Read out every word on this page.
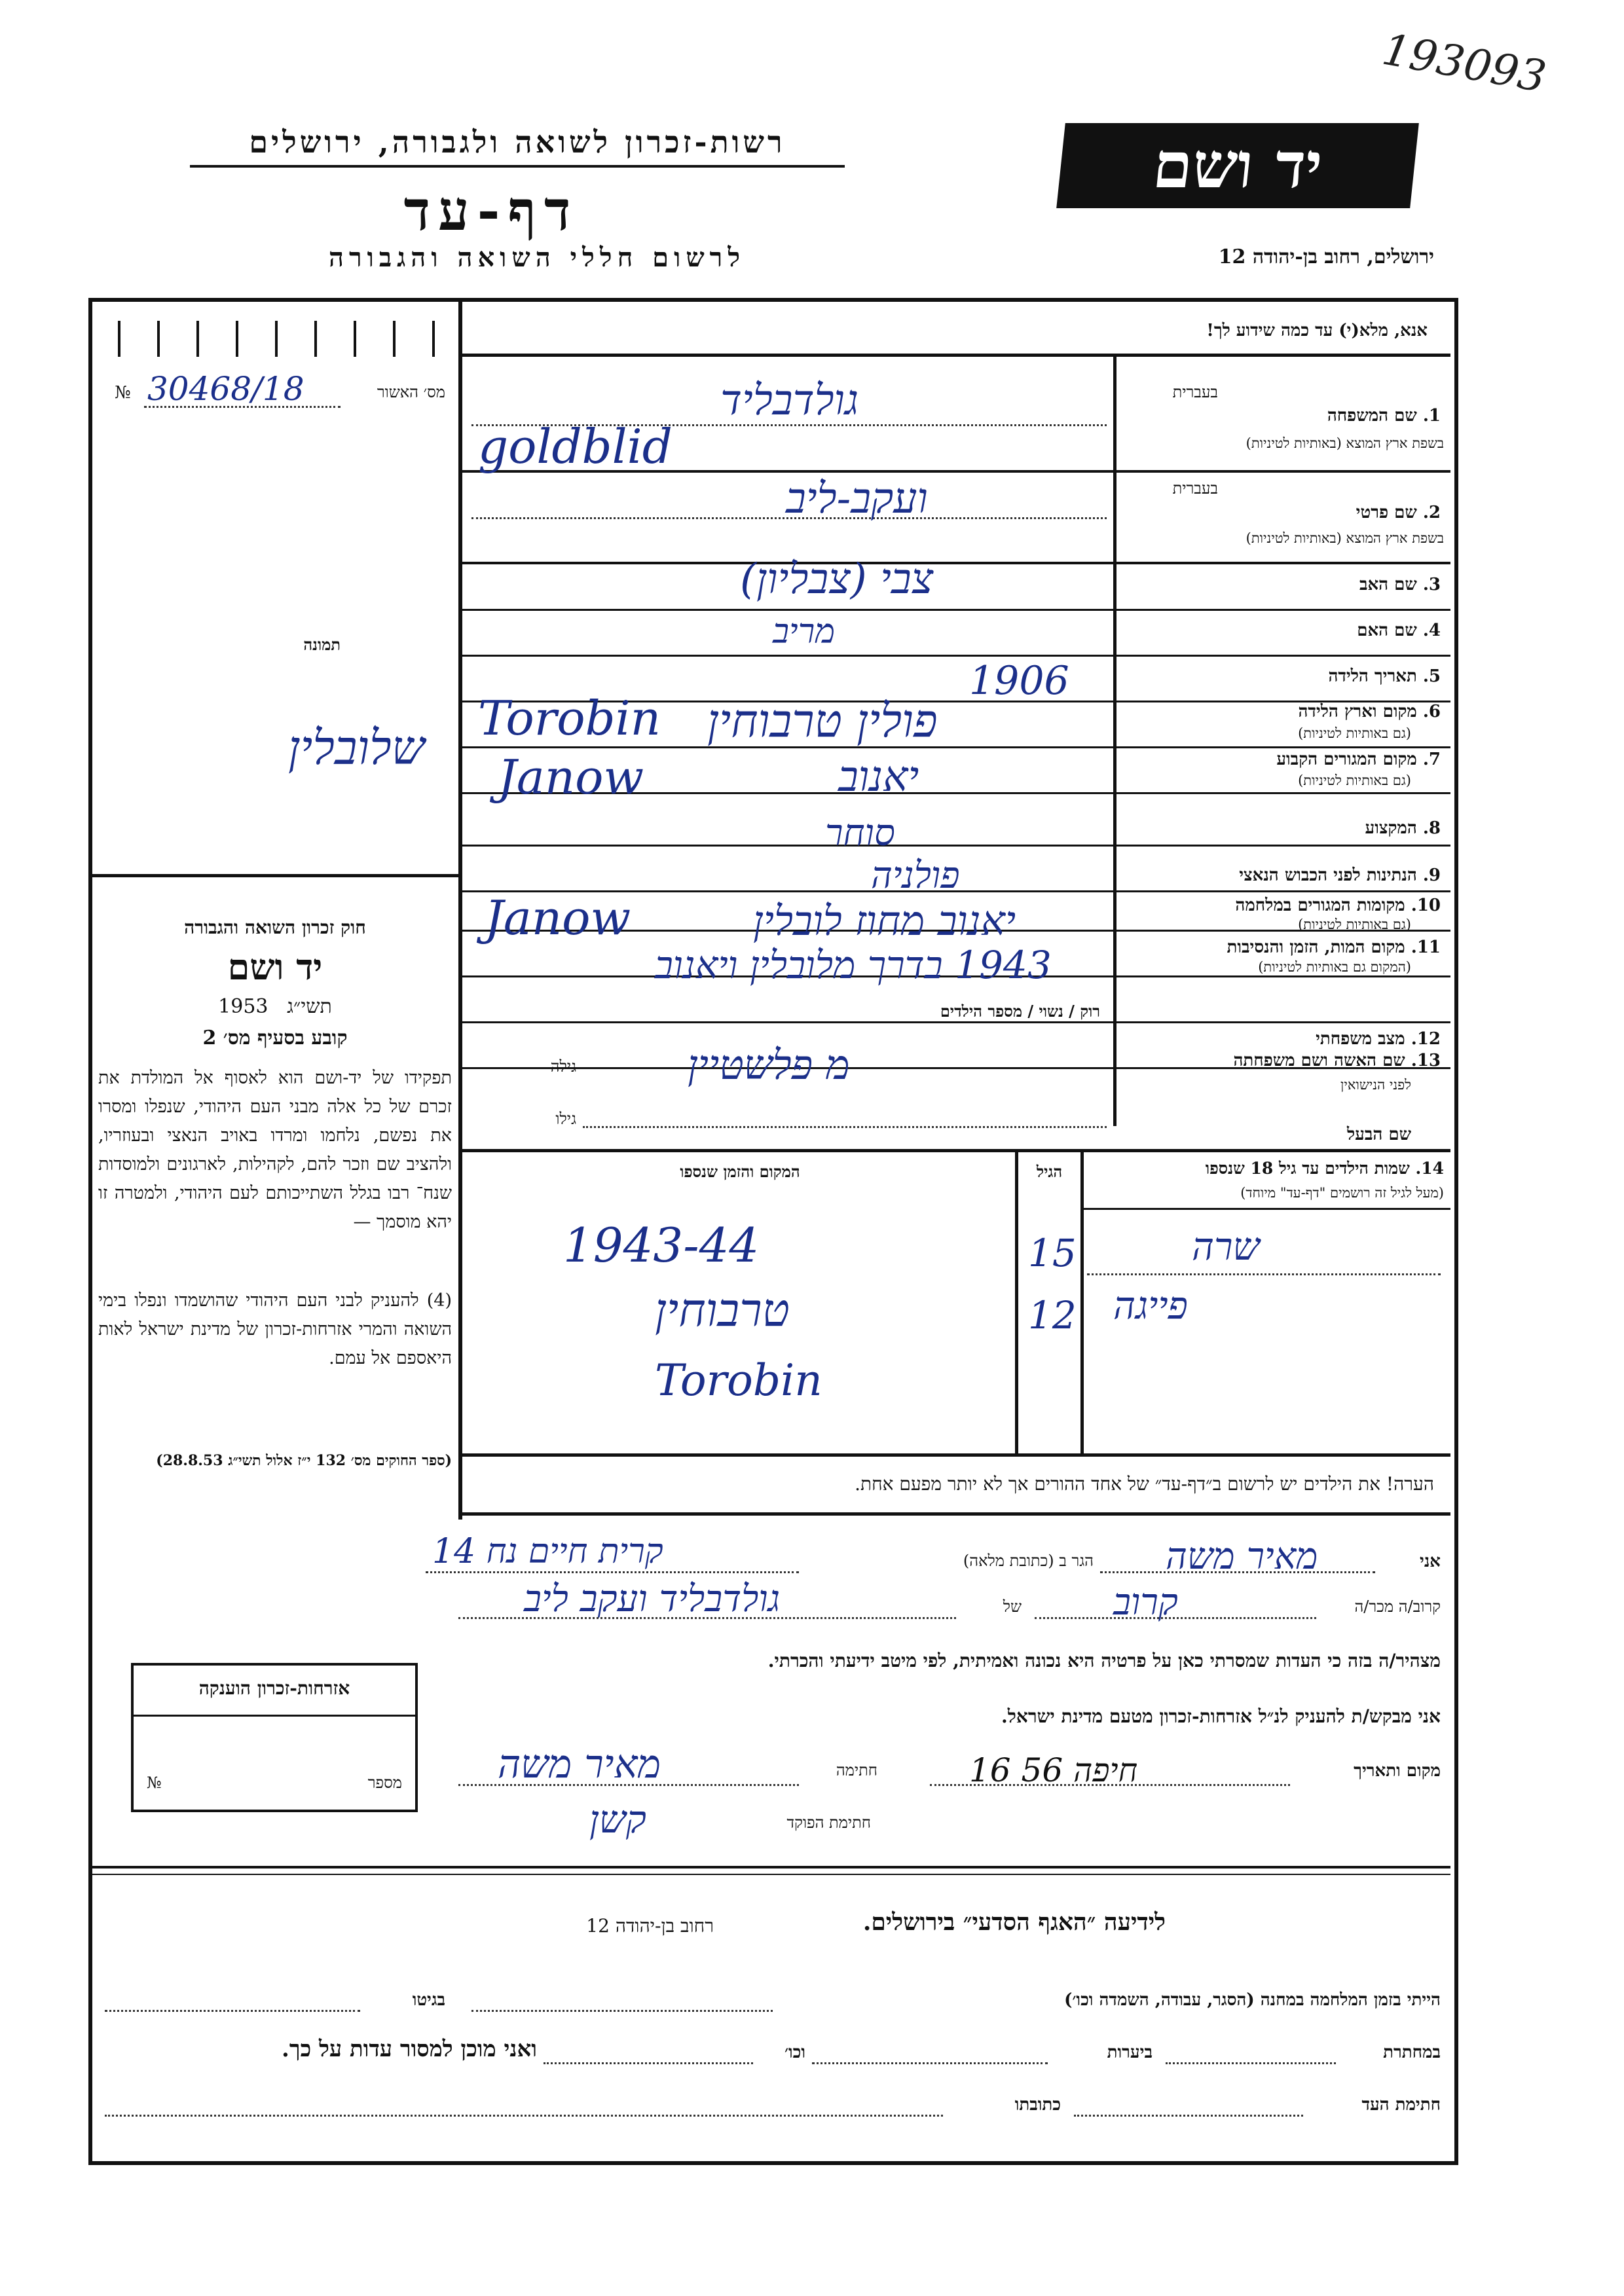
193093
רשות-זכרון לשואה ולגבורה, ירושלים
דף-עד
לרשום חללי השואה והגבורה
יד ושם
ירושלים, רחוב בן-יהודה 12
№ 30468/18	מס׳ האשור
תמונה
שלובלין
חוק זכרון השואה והגבורה
יד ושם
1953 תשי״ג
קובע בסעיף מס׳ 2
תפקידו של יד-ושם הוא לאסוף אל המולדת את זכרם של כל אלה מבני העם היהודי, שנפלו ומסרו את נפשם, נלחמו ומרדו באויב הנאצי ובעוזריו, ולהציב שם וזכר להם, לקהילות, לארגונים ולמוסדות שנח־ רבו בגלל השתייכותם לעם היהודי, ולמטרה זו יהא מוסמך —
(4) להעניק לבני העם היהודי שהושמדו ונפלו בימי השואה והמרי אזרחות-זכרון של מדינת ישראל לאות היאספם אל עמם.
(ספר החוקים מס׳ 132 י״ז אלול תשי״ג 28.8.53)
אנא, מלא(י) עד כמה שידוע לך!
בעברית
1. שם המשפחה
בשפת ארץ המוצא (באותיות לטיניות)
בעברית
2. שם פרטי
בשפת ארץ המוצא (באותיות לטיניות)
3. שם האב
4. שם האם
5. תאריך הלידה
6. מקום וארץ הלידה
(גם באותיות לטיניות)
7. מקום המגורים הקבוע
(גם באותיות לטיניות)
8. המקצוע
9. הנתינות לפני הכבוש הנאצי
10. מקומות המגורים במלחמה
(גם באותיות לטיניות)
11. מקום המות, הזמן והנסיבות
(המקום גם באותיות לטיניות)
12. מצב משפחתי
13. שם האשה ושם משפחתה
לפני הנישואין
שם הבעל
גולדבליד
goldblid
ועקב-ליב
צבי (צבליון)
מריב
1906
פולין טרבוחין
Torobin
יאנוב
Janow
סוחר
פולניה
יאנוב מחוז לובלין
Janow
1943 בדרך מלובלין ויאנוב
רוק / נשוי / מספר הילדים
מ פלשטיין
גילה
גילו
14. שמות הילדים עד גיל 18 שנספו
(מעל לגיל זה רושמים "דף-עד" מיוחד)
הגיל
המקום והזמן שנספו
שרה
15
1943-44
פייגה
12
טרבוחין
Torobin
הערה! את הילדים יש לרשום ב״דף-עד״ של אחד ההורים אך לא יותר מפעם אחת.
אני
מאיר משה
הגר ב (כתובת מלאה)
קרית חיים נח 14
קרוב/ה מכר/ה
קרוב
של
גולדבליד ועקב ליב
מצהיר/ה בזה כי העדות שמסרתי כאן על פרטיה היא נכונה ואמיתית, לפי מיטב ידיעתי והכרתי.
אני מבקש/ת להעניק לנ״ל אזרחות-זכרון מטעם מדינת ישראל.
מקום ותאריך
16 חיפה 56
חתימה
מאיר משה
חתימת הפוקד
קשן
אזרחות-זכרון הוענקה
№	מספר
לידיעה ״האגף הסדעי״ בירושלים.
רחוב בן-יהודה 12
הייתי בזמן המלחמה במחנה (הסגר, עבודה, השמדה וכו׳)
בגיטו
במחתרת
ביערות
וכו׳
ואני מוכן למסור עדות על כך.
חתימת העד
כתובתו
